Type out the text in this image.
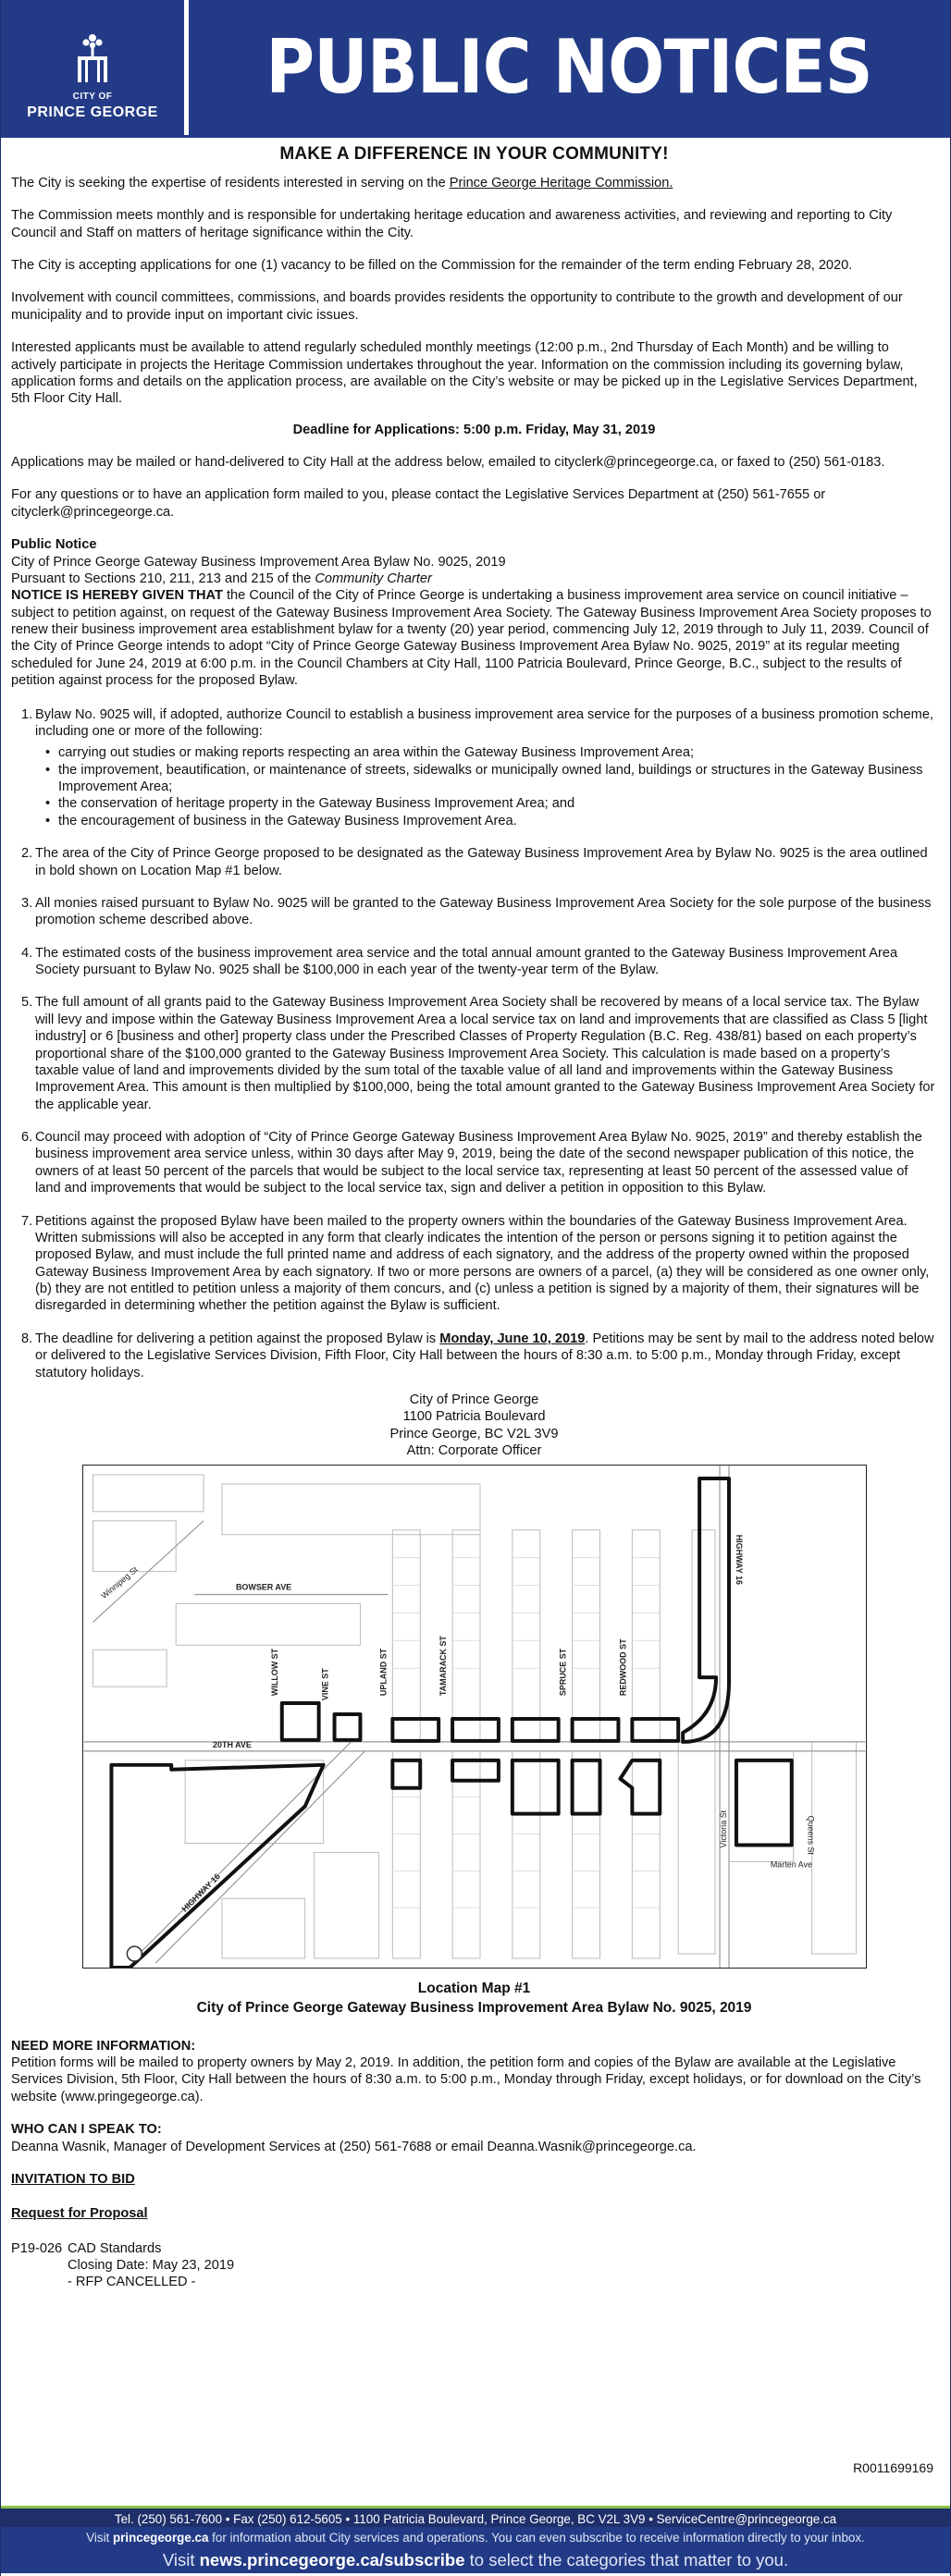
CITY OF
PRINCE GEORGE
PUBLIC NOTICES
MAKE A DIFFERENCE IN YOUR COMMUNITY!

The City is seeking the expertise of residents interested in serving on the Prince George Heritage Commission.

The Commission meets monthly and is responsible for undertaking heritage education and awareness activities, and reviewing and reporting to City Council and Staff on matters of heritage significance within the City.

The City is accepting applications for one (1) vacancy to be filled on the Commission for the remainder of the term ending February 28, 2020.

Involvement with council committees, commissions, and boards provides residents the opportunity to contribute to the growth and development of our municipality and to provide input on important civic issues.

Interested applicants must be available to attend regularly scheduled monthly meetings (12:00 p.m., 2nd Thursday of Each Month) and be willing to actively participate in projects the Heritage Commission undertakes throughout the year. Information on the commission including its governing bylaw, application forms and details on the application process, are available on the City’s website or may be picked up in the Legislative Services Department, 5th Floor City Hall.

Deadline for Applications: 5:00 p.m. Friday, May 31, 2019

Applications may be mailed or hand-delivered to City Hall at the address below, emailed to cityclerk@princegeorge.ca, or faxed to (250) 561-0183.

For any questions or to have an application form mailed to you, please contact the Legislative Services Department at (250) 561-7655 or cityclerk@princegeorge.ca.

Public Notice

City of Prince George Gateway Business Improvement Area Bylaw No. 9025, 2019

Pursuant to Sections 210, 211, 213 and 215 of the Community Charter

NOTICE IS HEREBY GIVEN THAT the Council of the City of Prince George is undertaking a business improvement area service on council initiative – subject to petition against, on request of the Gateway Business Improvement Area Society. The Gateway Business Improvement Area Society proposes to renew their business improvement area establishment bylaw for a twenty (20) year period, commencing July 12, 2019 through to July 11, 2039. Council of the City of Prince George intends to adopt “City of Prince George Gateway Business Improvement Area Bylaw No. 9025, 2019” at its regular meeting scheduled for June 24, 2019 at 6:00 p.m. in the Council Chambers at City Hall, 1100 Patricia Boulevard, Prince George, B.C., subject to the results of petition against process for the proposed Bylaw.

1. Bylaw No. 9025 will, if adopted, authorize Council to establish a business improvement area service for the purposes of a business promotion scheme, including one or more of the following:
• carrying out studies or making reports respecting an area within the Gateway Business Improvement Area;
• the improvement, beautification, or maintenance of streets, sidewalks or municipally owned land, buildings or structures in the Gateway Business Improvement Area;
• the conservation of heritage property in the Gateway Business Improvement Area; and
• the encouragement of business in the Gateway Business Improvement Area.
2. The area of the City of Prince George proposed to be designated as the Gateway Business Improvement Area by Bylaw No. 9025 is the area outlined in bold shown on Location Map #1 below.
3. All monies raised pursuant to Bylaw No. 9025 will be granted to the Gateway Business Improvement Area Society for the sole purpose of the business promotion scheme described above.
4. The estimated costs of the business improvement area service and the total annual amount granted to the Gateway Business Improvement Area Society pursuant to Bylaw No. 9025 shall be $100,000 in each year of the twenty-year term of the Bylaw.
5. The full amount of all grants paid to the Gateway Business Improvement Area Society shall be recovered by means of a local service tax. The Bylaw will levy and impose within the Gateway Business Improvement Area a local service tax on land and improvements that are classified as Class 5 [light industry] or 6 [business and other] property class under the Prescribed Classes of Property Regulation (B.C. Reg. 438/81) based on each property’s proportional share of the $100,000 granted to the Gateway Business Improvement Area Society. This calculation is made based on a property’s taxable value of land and improvements divided by the sum total of the taxable value of all land and improvements within the Gateway Business Improvement Area. This amount is then multiplied by $100,000, being the total amount granted to the Gateway Business Improvement Area Society for the applicable year.
6. Council may proceed with adoption of “City of Prince George Gateway Business Improvement Area Bylaw No. 9025, 2019” and thereby establish the business improvement area service unless, within 30 days after May 9, 2019, being the date of the second newspaper publication of this notice, the owners of at least 50 percent of the parcels that would be subject to the local service tax, representing at least 50 percent of the assessed value of land and improvements that would be subject to the local service tax, sign and deliver a petition in opposition to this Bylaw.
7. Petitions against the proposed Bylaw have been mailed to the property owners within the boundaries of the Gateway Business Improvement Area. Written submissions will also be accepted in any form that clearly indicates the intention of the person or persons signing it to petition against the proposed Bylaw, and must include the full printed name and address of each signatory, and the address of the property owned within the proposed Gateway Business Improvement Area by each signatory. If two or more persons are owners of a parcel, (a) they will be considered as one owner only, (b) they are not entitled to petition unless a majority of them concurs, and (c) unless a petition is signed by a majority of them, their signatures will be disregarded in determining whether the petition against the Bylaw is sufficient.
8. The deadline for delivering a petition against the proposed Bylaw is Monday, June 10, 2019. Petitions may be sent by mail to the address noted below or delivered to the Legislative Services Division, Fifth Floor, City Hall between the hours of 8:30 a.m. to 5:00 p.m., Monday through Friday, except statutory holidays.
City of Prince George
1100 Patricia Boulevard
Prince George, BC V2L 3V9
Attn: Corporate Officer
Winnipeg St	BOWSER AVE
WILLOW ST	VINE ST	UPLAND ST	TAMARACK ST	SPRUCE ST	REDWOOD ST
HIGHWAY 16
20TH AVE
HIGHWAY 16
Victoria St	Queens St
Marten Ave
Location Map #1
City of Prince George Gateway Business Improvement Area Bylaw No. 9025, 2019
NEED MORE INFORMATION:

Petition forms will be mailed to property owners by May 2, 2019. In addition, the petition form and copies of the Bylaw are available at the Legislative Services Division, 5th Floor, City Hall between the hours of 8:30 a.m. to 5:00 p.m., Monday through Friday, except holidays, or for download on the City’s website (www.pringegeorge.ca).

WHO CAN I SPEAK TO:

Deanna Wasnik, Manager of Development Services at (250) 561-7688 or email Deanna.Wasnik@princegeorge.ca.

INVITATION TO BID
Request for Proposal
P19-026 CAD Standards
Closing Date: May 23, 2019
- RFP CANCELLED -
R0011699169
Tel. (250) 561-7600 • Fax (250) 612-5605 • 1100 Patricia Boulevard, Prince George, BC V2L 3V9 • ServiceCentre@princegeorge.ca
Visit princegeorge.ca for information about City services and operations. You can even subscribe to receive information directly to your inbox.
Visit news.princegeorge.ca/subscribe to select the categories that matter to you.
